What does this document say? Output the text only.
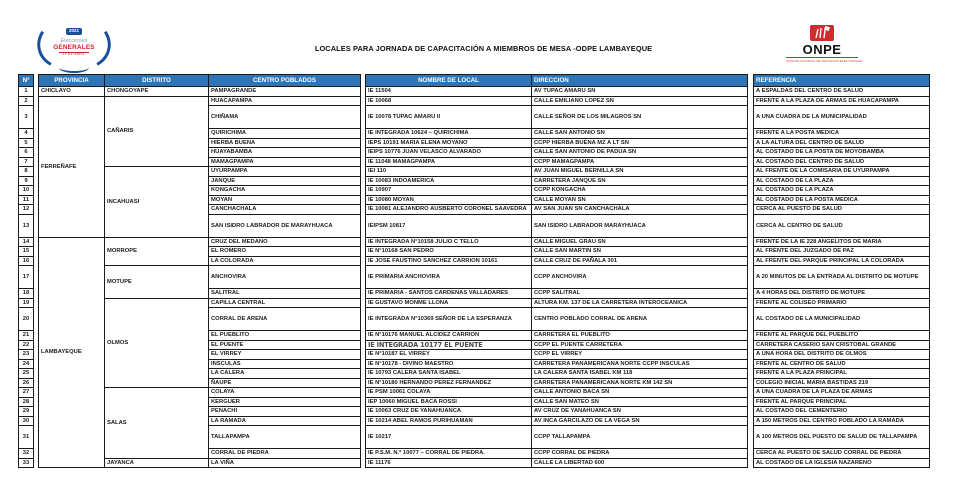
2021
Elecciones
GENERALES
11 DE ABRIL
LOCALES PARA JORNADA DE CAPACITACIÓN A MIEMBROS DE MESA -ODPE LAMBAYEQUE	ONPE
OFICINA NACIONAL DE PROCESOS ELECTORALES
Nº		PROVINCIA	DISTRITO	CENTRO POBLADOS		NOMBRE DE LOCAL	DIRECCION		REFERENCIA
1		CHICLAYO	CHONGOYAPE	PAMPAGRANDE		IE 11504	AV TUPAC AMARU SN		A ESPALDAS DEL CENTRO DE SALUD
2		FERREÑAFE	CAÑARIS	HUACAPAMPA		IE 10068	CALLE EMILIANO LOPEZ SN		FRENTE A LA PLAZA DE ARMAS DE HUACAPAMPA
3				CHIÑAMA		IE 10078 TUPAC AMARU II	CALLE SEÑOR DE LOS MILAGROS SN		A UNA CUADRA DE LA MUNICIPALIDAD
4				QUIRICHIMA		IE INTEGRADA 10624 – QUIRICHIMA	CALLE SAN ANTONIO SN		FRENTE A LA POSTA MEDICA
5				HIERBA BUENA		IEPS 10191 MARIA ELENA MOYANO	CCPP HIERBA BUENA MZ A LT SN		A LA ALTURA DEL CENTRO DE SALUD
6				HUAYABAMBA		IEIPS 10776 JUAN VELASCO ALVARADO	CALLE SAN ANTONIO DE PADUA SN		AL COSTADO DE LA POSTA DE MOYOBAMBA
7				MAMAGPAMPA		IE 11048 MAMAGPAMPA	CCPP MAMAGPAMPA		AL COSTADO DEL CENTRO DE SALUD
8			INCAHUASI	UYURPAMPA		IEI 110	AV JUAN MIGUEL BERNILLA SN		AL FRENTE DE LA COMISARIA DE UYURPAMPA
9				JANQUE		IE 10083 INDOAMERICA	CARRETERA JANQUE SN		AL COSTADO DE LA PLAZA
10				KONGACHA		IE 10907	CCPP KONGACHA		AL COSTADO DE LA PLAZA
11				MOYAN		IE 10080 MOYAN	CALLE MOYAN SN		AL COSTADO DE LA POSTA MEDICA
12				CANCHACHALA		IE 10081 ALEJANDRO AUSBERTO CORONEL SAAVEDRA	AV SAN JUAN SN CANCHACHALA		CERCA AL PUESTO DE SALUD
13				SAN ISIDRO LABRADOR DE MARAYHUACA		IEIPSM 10817	SAN ISIDRO LABRADOR MARAYHUACA		CERCA AL CENTRO DE SALUD
14		LAMBAYEQUE	MORROPE	CRUZ DEL MEDANO		IE INTEGRADA N°10158 JULIO C TELLO	CALLE MIGUEL GRAU SN		FRENTE DE LA IE 228 ANGELITOS DE MARIA
15				EL ROMERO		IE N°10168 SAN PEDRO	CALLE SAN MARTIN SN		AL FRENTE DEL JUZGADO DE PAZ
16				LA COLORADA		IE JOSE FAUSTINO SANCHEZ CARRION 10161	CALLE CRUZ DE PAÑALA 301		AL FRENTE DEL PARQUE PRINCIPAL LA COLORADA
17			MOTUPE	ANCHOVIRA		IE PRIMARIA ANCHOVIRA	CCPP ANCHOVIRA		A 20 MINUTOS DE LA ENTRADA AL DISTRITO DE MOTUPE
18				SALITRAL		IE PRIMARIA - SANTOS CARDENAS VALLADARES	CCPP SALITRAL		A 4 HORAS DEL DISTRITO DE MOTUPE
19			OLMOS	CAPILLA CENTRAL		IE GUSTAVO MONME LLONA	ALTURA KM. 137 DE LA CARRETERA INTEROCEANICA		FRENTE AL COLISEO PRIMARIO
20				CORRAL DE ARENA		IE INTEGRADA N°10369 SEÑOR DE LA ESPERANZA	CENTRO POBLADO CORRAL DE ARENA		AL COSTADO DE LA MUNICIPALIDAD
21				EL PUEBLITO		IE N°10176 MANUEL ALCIDEZ CARRION	CARRETERA EL PUEBLITO		FRENTE AL PARQUE DEL PUEBLITO
22				EL PUENTE		IE INTEGRADA 10177 EL PUENTE	CCPP EL PUENTE CARRETERA		CARRETERA CASERIO SAN CRISTOBAL GRANDE
23				EL VIRREY		IE N°10187 EL VIRREY	CCPP EL VIRREY		A UNA HORA DEL DISTRITO DE OLMOS
24				INSCULAS		IE N°10178 - DIVINO MAESTRO	CARRETERA PANAMERICANA NORTE CCPP INSCULAS		FRENTE AL CENTRO DE SALUD
25				LA CALERA		IE 10793 CALERA SANTA ISABEL	LA CALERA SANTA ISABEL KM 118		FRENTE A LA PLAZA PRINCIPAL
26				ÑAUPE		IE N°10180 HERNANDO PEREZ FERNANDEZ	CARRETERA PANAMERICANA NORTE KM 142 SN		COLEGIO INICIAL MARIA BASTIDAS 219
27			SALAS	COLAYA		IE PSM 10061 COLAYA	CALLE ANTONIO BACA SN		A UNA CUADRA DE LA PLAZA DE ARMAS
28				KERGUER		IEP 10060 MIGUEL BACA ROSSI	CALLE SAN MATEO SN		FRENTE AL PARQUE PRINCIPAL
29				PENACHI		IE 10063 CRUZ DE YANAHUANCA	AV CRUZ DE YANAHUANCA SN		AL COSTADO DEL CEMENTERIO
30				LA RAMADA		IE 10214 ABEL RAMOS PURIHUAMAN	AV INCA GARCILAZO DE LA VEGA SN		A 150 METROS DEL CENTRO POBLADO LA RAMADA
31				TALLAPAMPA		IE 10217	CCPP TALLAPAMPA		A 100 METROS DEL PUESTO DE SALUD DE TALLAPAMPA
32				CORRAL DE PIEDRA		IE P.S.M. N.º 10077 – CORRAL DE PIEDRA.	CCPP CORRAL DE PIEDRA		CERCA AL PUESTO DE SALUD CORRAL DE PIEDRA
33			JAYANCA	LA VIÑA		IE 11176	CALLE LA LIBERTAD 600		AL COSTADO DE LA IGLESIA NAZARENO
